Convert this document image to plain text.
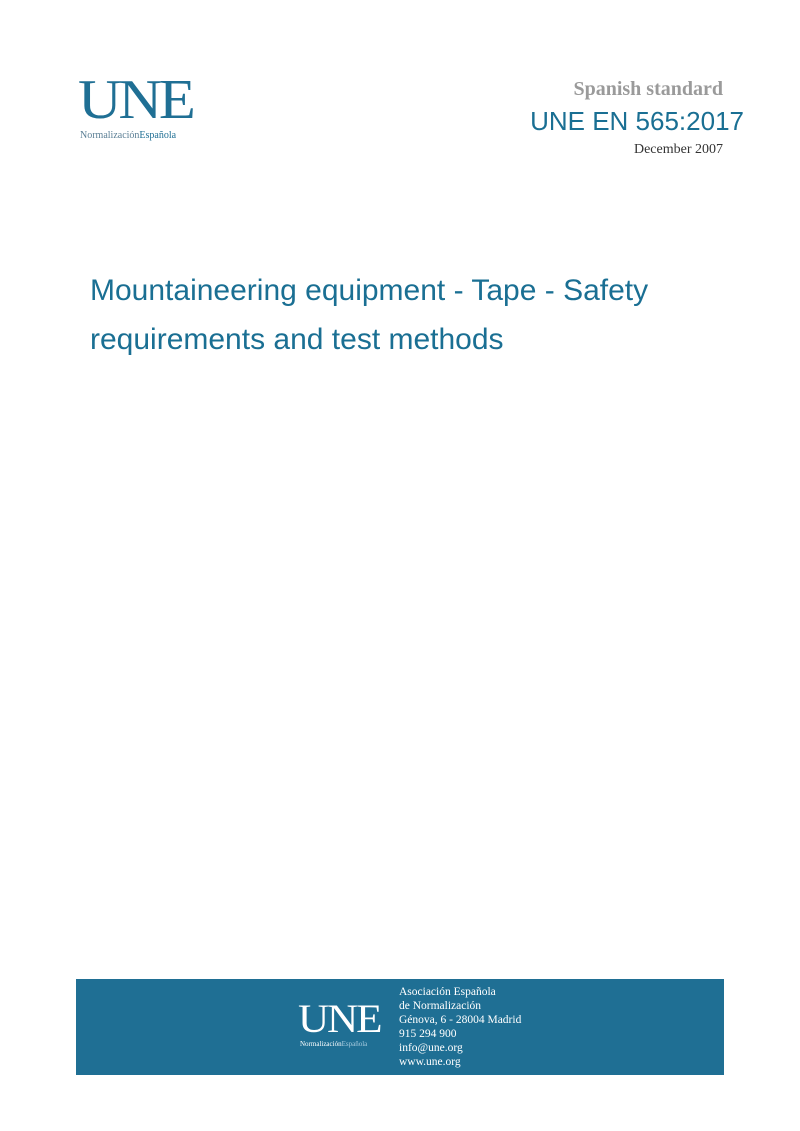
UNE
NormalizaciónEspañola
Spanish standard
UNE EN 565:2017
December 2007
Mountaineering equipment - Tape - Safety
requirements and test methods
UNE
NormalizaciónEspañola
Asociación Española
de Normalización
Génova, 6 - 28004 Madrid
915 294 900
info@une.org
www.une.org
